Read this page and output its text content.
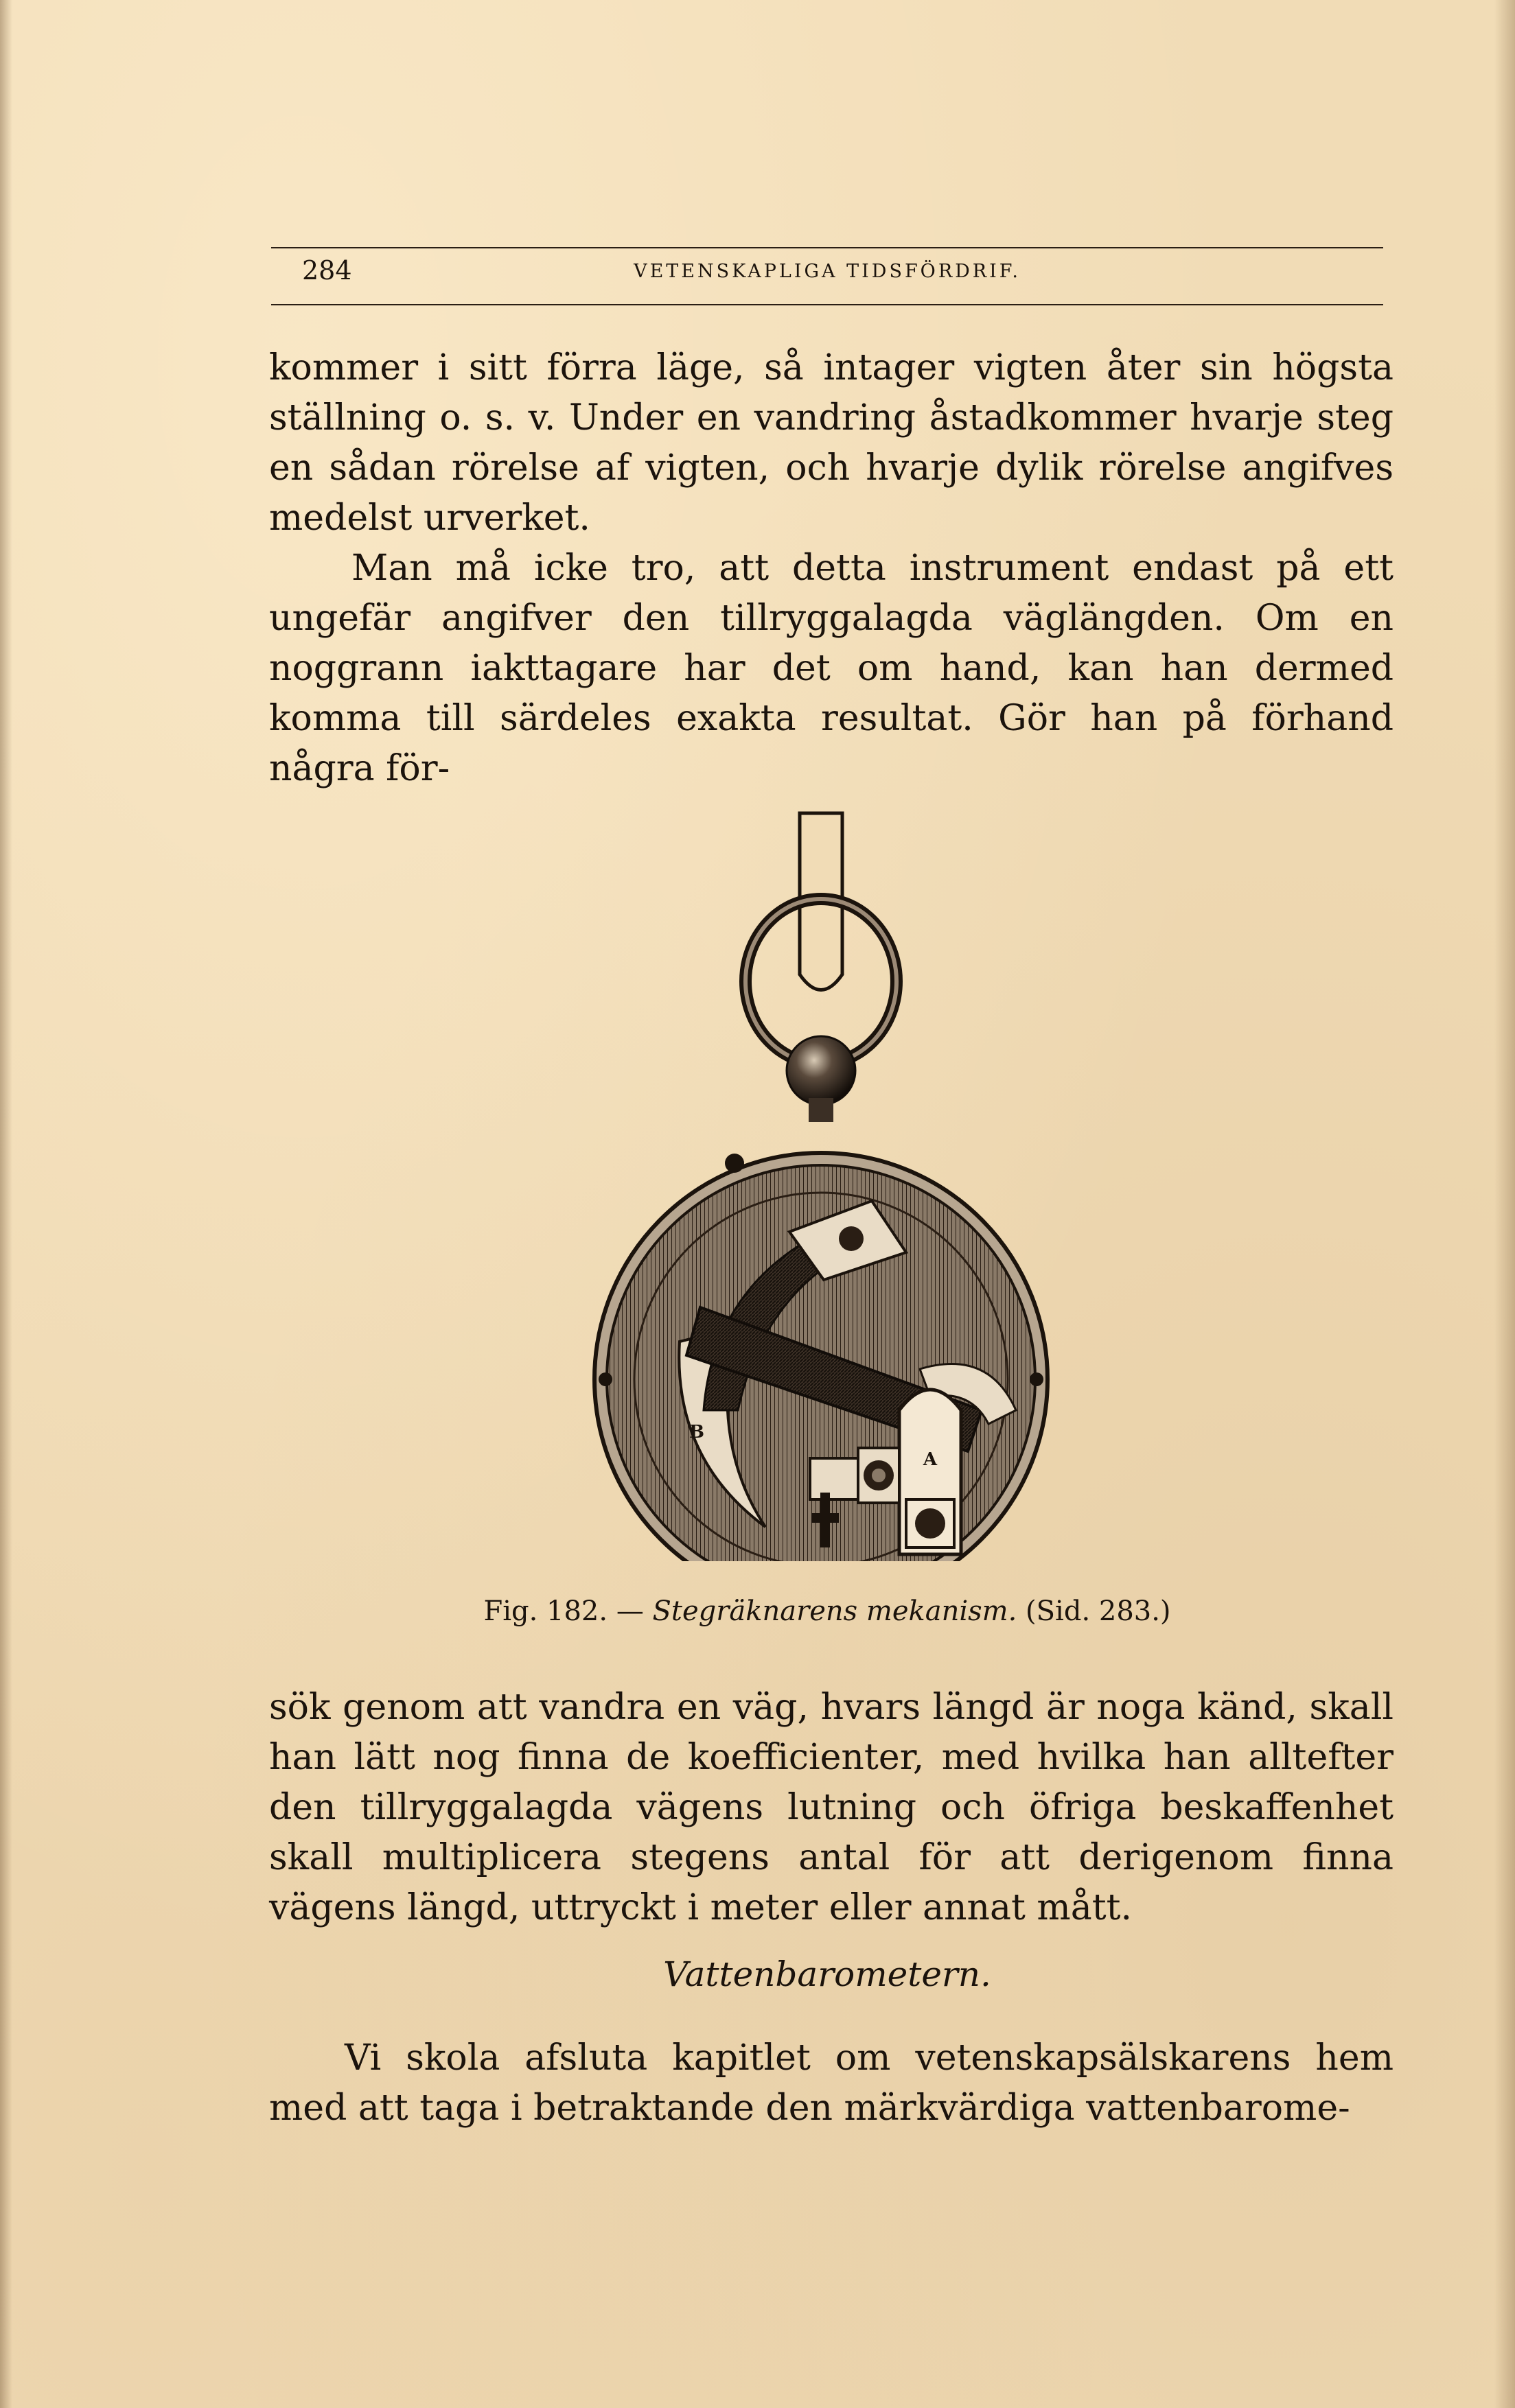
284	VETENSKAPLIGA TIDSFÖRDRIF.

kommer i sitt förra läge, så intager vigten åter sin högsta ställning o. s. v. Under en vandring åstadkommer hvarje steg en sådan rörelse af vigten, och hvarje dylik rörelse angifves medelst urverket.

Man må icke tro, att detta instrument endast på ett ungefär angifver den tillryggalagda väglängden. Om en noggrann iakttagare har det om hand, kan han dermed komma till särdeles exakta resultat. Gör han på förhand några för-

A
B
Fig. 182. — Stegräknarens mekanism. (Sid. 283.)

sök genom att vandra en väg, hvars längd är noga känd, skall han lätt nog finna de koefficienter, med hvilka han alltefter den tillryggalagda vägens lutning och öfriga beskaffenhet skall multiplicera stegens antal för att derigenom finna vägens längd, uttryckt i meter eller annat mått.

Vattenbarometern.

Vi skola afsluta kapitlet om vetenskapsälskarens hem med att taga i betraktande den märkvärdiga vattenbarome-
